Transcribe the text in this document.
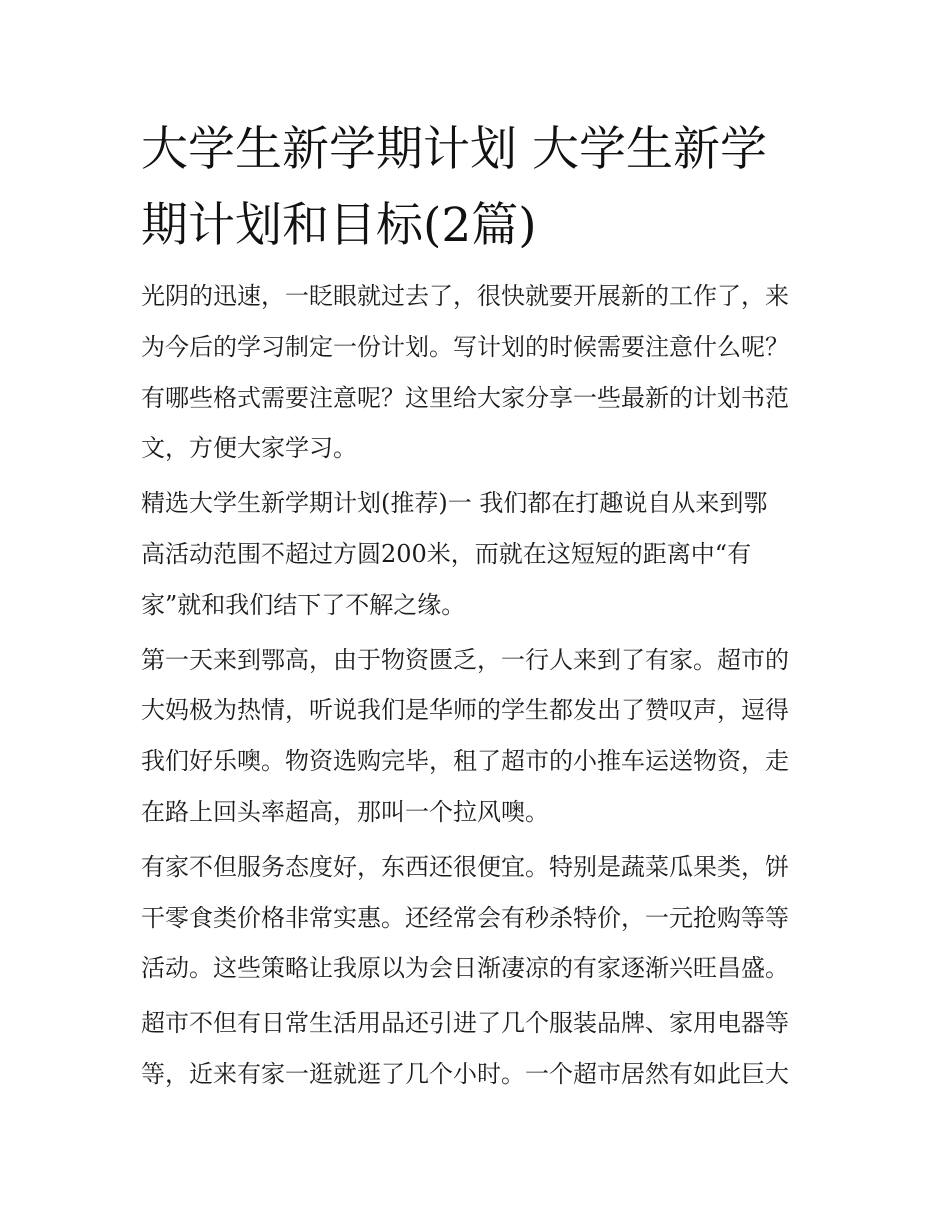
大学生新学期计划 大学生新学
期计划和目标(2篇)

光阴的迅速，一眨眼就过去了，很快就要开展新的工作了，来
为今后的学习制定一份计划。写计划的时候需要注意什么呢？
有哪些格式需要注意呢？这里给大家分享一些最新的计划书范
文，方便大家学习。

精选大学生新学期计划(推荐)一 我们都在打趣说自从来到鄂
高活动范围不超过方圆200米，而就在这短短的距离中“有
家”就和我们结下了不解之缘。

第一天来到鄂高，由于物资匮乏，一行人来到了有家。超市的
大妈极为热情，听说我们是华师的学生都发出了赞叹声，逗得
我们好乐噢。物资选购完毕，租了超市的小推车运送物资，走
在路上回头率超高，那叫一个拉风噢。

有家不但服务态度好，东西还很便宜。特别是蔬菜瓜果类，饼
干零食类价格非常实惠。还经常会有秒杀特价，一元抢购等等
活动。这些策略让我原以为会日渐凄凉的有家逐渐兴旺昌盛。

超市不但有日常生活用品还引进了几个服装品牌、家用电器等
等，近来有家一逛就逛了几个小时。一个超市居然有如此巨大
